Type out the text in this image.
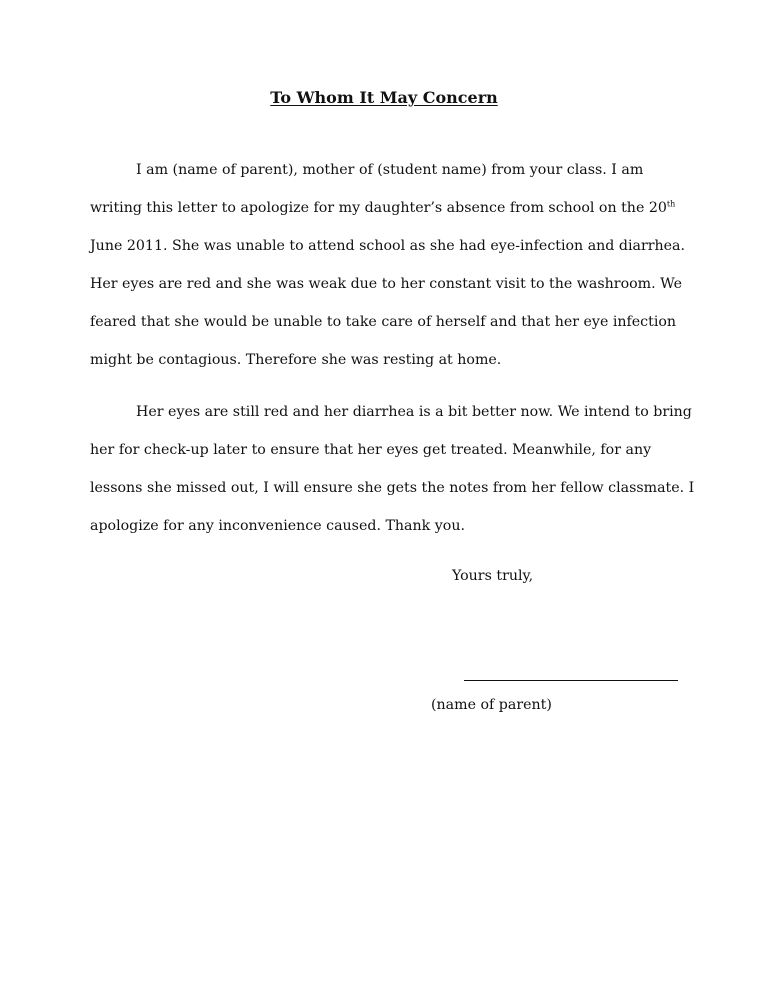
To Whom It May Concern

I am (name of parent), mother of (student name) from your class. I am

writing this letter to apologize for my daughter’s absence from school on the 20th

June 2011. She was unable to attend school as she had eye-infection and diarrhea.

Her eyes are red and she was weak due to her constant visit to the washroom. We

feared that she would be unable to take care of herself and that her eye infection

might be contagious. Therefore she was resting at home.

Her eyes are still red and her diarrhea is a bit better now. We intend to bring

her for check-up later to ensure that her eyes get treated. Meanwhile, for any

lessons she missed out, I will ensure she gets the notes from her fellow classmate. I

apologize for any inconvenience caused. Thank you.

Yours truly,

(name of parent)
